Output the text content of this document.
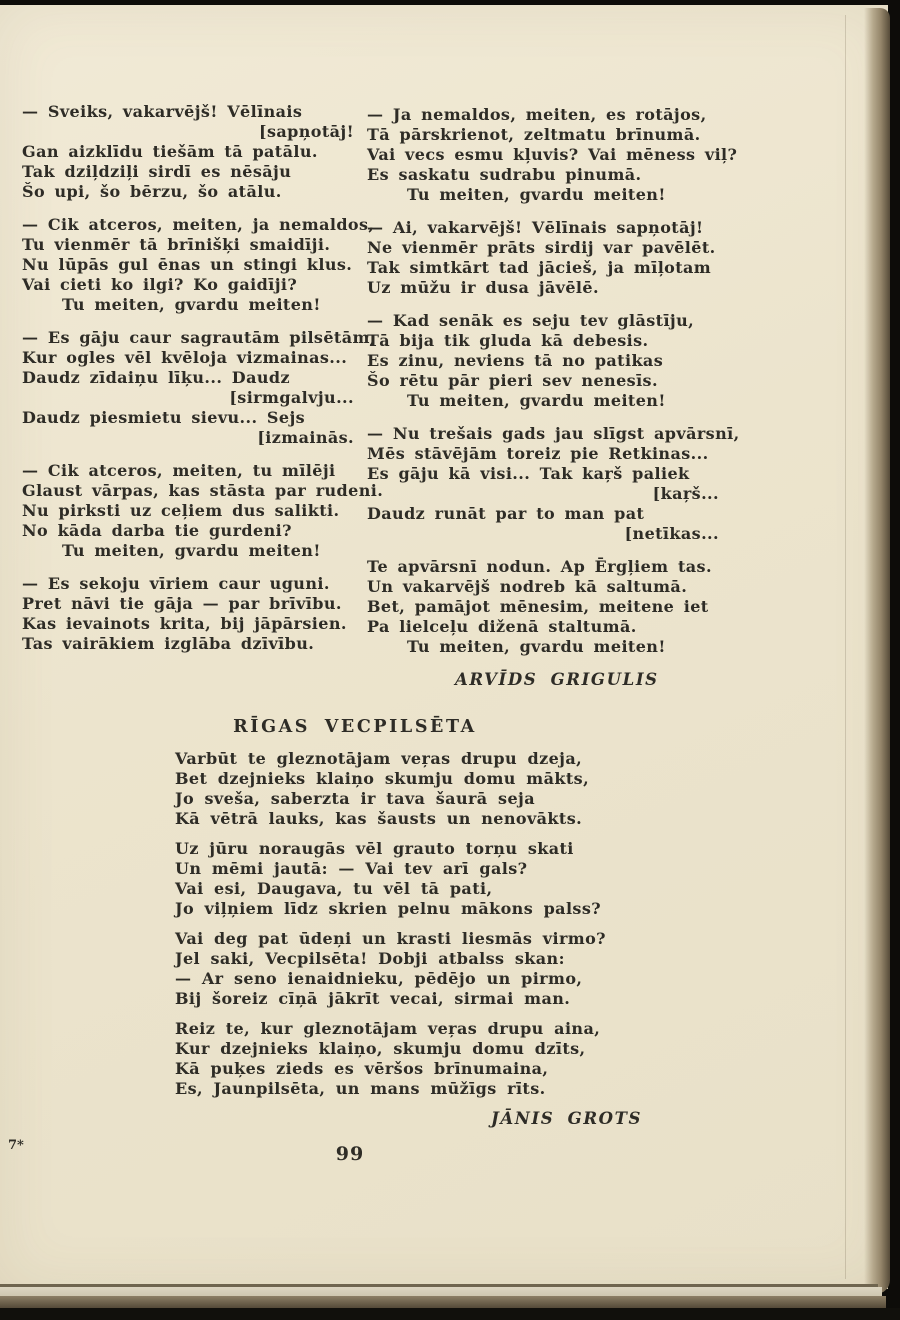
— Sveiks, vakarvējš! Vēlīnais
[sapņotāj!
Gan aizklīdu tiešām tā patālu.
Tak dziļdziļi sirdī es nēsāju
Šo upi, šo bērzu, šo atālu.
— Cik atceros, meiten, ja nemaldos,
Tu vienmēr tā brīnišķi smaidīji.
Nu lūpās gul ēnas un stingi klus.
Vai cieti ko ilgi? Ko gaidīji?
Tu meiten, gvardu meiten!
— Es gāju caur sagrautām pilsētām,
Kur ogles vēl kvēloja vizmainas...
Daudz zīdaiņu līķu... Daudz
[sirmgalvju...
Daudz piesmietu sievu... Sejs
[izmainās.
— Cik atceros, meiten, tu mīlēji
Glaust vārpas, kas stāsta par rudeni.
Nu pirksti uz ceļiem dus salikti.
No kāda darba tie gurdeni?
Tu meiten, gvardu meiten!
— Es sekoju vīriem caur uguni.
Pret nāvi tie gāja — par brīvību.
Kas ievainots krita, bij jāpārsien.
Tas vairākiem izglāba dzīvību.
— Ja nemaldos, meiten, es rotājos,
Tā pārskrienot, zeltmatu brīnumā.
Vai vecs esmu kļuvis? Vai mēness viļ?
Es saskatu sudrabu pinumā.
Tu meiten, gvardu meiten!
— Ai, vakarvējš! Vēlīnais sapņotāj!
Ne vienmēr prāts sirdij var pavēlēt.
Tak simtkārt tad jācieš, ja mīļotam
Uz mūžu ir dusa jāvēlē.
— Kad senāk es seju tev glāstīju,
Tā bija tik gluda kā debesis.
Es zinu, neviens tā no patikas
Šo rētu pār pieri sev nenesīs.
Tu meiten, gvardu meiten!
— Nu trešais gads jau slīgst apvārsnī,
Mēs stāvējām toreiz pie Retkinas...
Es gāju kā visi... Tak kaŗš paliek
[kaŗš...
Daudz runāt par to man pat
[netīkas...
Te apvārsnī nodun. Ap Ērgļiem tas.
Un vakarvējš nodreb kā saltumā.
Bet, pamājot mēnesim, meitene iet
Pa lielceļu diženā staltumā.
Tu meiten, gvardu meiten!
ARVĪDS GRIGULIS
RĪGAS VECPILSĒTA
Varbūt te gleznotājam veŗas drupu dzeja,
Bet dzejnieks klaiņo skumju domu mākts,
Jo sveša, saberzta ir tava šaurā seja
Kā vētrā lauks, kas šausts un nenovākts.
Uz jūru noraugās vēl grauto torņu skati
Un mēmi jautā: — Vai tev arī gals?
Vai esi, Daugava, tu vēl tā pati,
Jo viļņiem līdz skrien pelnu mākons palss?
Vai deg pat ūdeņi un krasti liesmās virmo?
Jel saki, Vecpilsēta! Dobji atbalss skan:
— Ar seno ienaidnieku, pēdējo un pirmo,
Bij šoreiz cīņā jākrīt vecai, sirmai man.
Reiz te, kur gleznotājam veŗas drupu aina,
Kur dzejnieks klaiņo, skumju domu dzīts,
Kā puķes zieds es vēršos brīnumaina,
Es, Jaunpilsēta, un mans mūžīgs rīts.
JĀNIS GROTS
7*	99
